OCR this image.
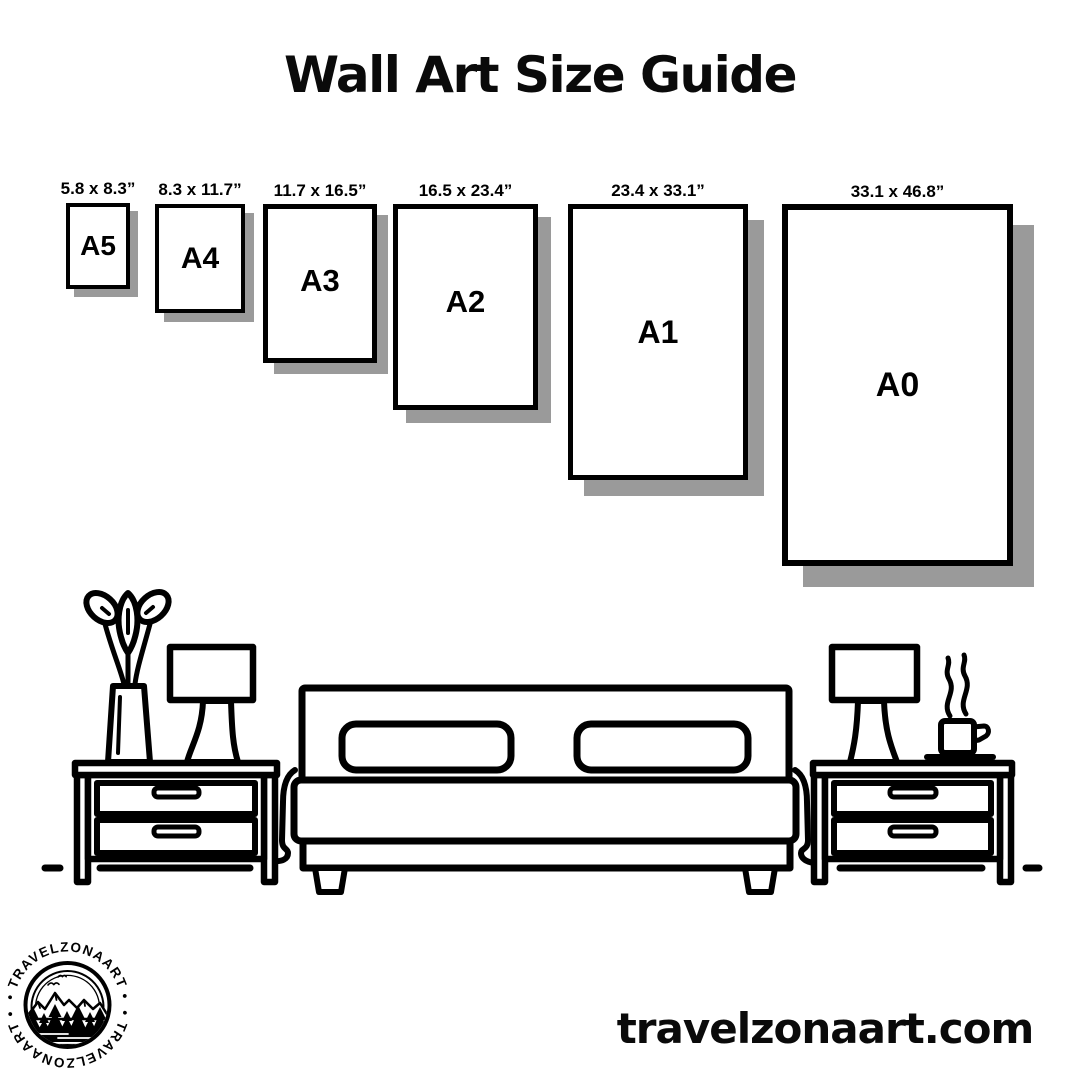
Wall Art Size Guide
5.8 x 8.3”
A5
8.3 x 11.7”
A4
11.7 x 16.5”
A3
16.5 x 23.4”
A2
23.4 x 33.1”
A1
33.1 x 46.8”
A0
• TRAVELZONAART •
• TRAVELZONAART •	travelzonaart.com
